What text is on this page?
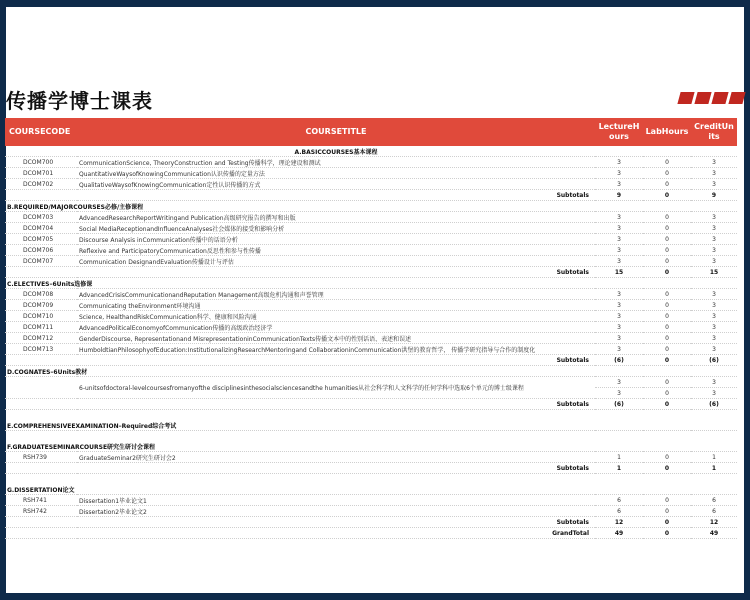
传播学博士课表
COURSECODE	COURSETITLE	LectureH ours	LabHours	CreditUn its
	A.BASICCOURSES基本课程			
DCOM700	CommunicationScience, TheoryConstruction and Testing传播科学，理论建设和测试	3	0	3
DCOM701	QuantitativeWaysofKnowingCommunication认识传播的定量方法	3	0	3
DCOM702	QualitativeWaysofKnowingCommunication定性认识传播的方式	3	0	3
	Subtotals	9	0	9
B.REQUIRED/MAJORCOURSES必修/主修课程				
DCOM703	AdvancedResearchReportWritingand Publication高级研究报告的撰写和出版	3	0	3
DCOM704	Social MediaReceptionandInfluenceAnalyses社会媒体的接受和影响分析	3	0	3
DCOM705	Discourse Analysis inCommunication传播中的话语分析	3	0	3
DCOM706	Reflexive and ParticipatoryCommunication反思性和参与性传播	3	0	3
DCOM707	Communication DesignandEvaluation传播设计与评估	3	0	3
	Subtotals	15	0	15
C.ELECTIVES–6Units选修课				
DCOM708	AdvancedCrisisCommunicationandReputation Management高级危机沟通和声誉管理	3	0	3
DCOM709	Communicating theEnvironment环境沟通	3	0	3
DCOM710	Science, HealthandRiskCommunication科学、健康和风险沟通	3	0	3
DCOM711	AdvancedPoliticalEconomyofCommunication传播的高级政治经济学	3	0	3
DCOM712	GenderDiscourse, Representationand MisrepresentationinCommunicationTexts传播文本中的性别话语、表述和误述	3	0	3
DCOM713	HumboldtianPhilosophyofEducation:InstitutionalizingResearchMentoringand CollaborationinCommunication洪堡的教育哲学， 传播学研究指导与合作的制度化	3	0	3
	Subtotals	(6)	0	(6)
D.COGNATES–6Units教材				
	6-unitsofdoctoral-levelcoursesfromanyofthe disciplinesinthesocialsciencesandthe humanities从社会科学和人文科学的任何学科中选取6个单元的博士级课程	3	0	3
		3	0	3
	Subtotals	(6)	0	(6)

E.COMPREHENSIVEEXAMINATION–Required综合考试				

F.GRADUATESEMINARCOURSE研究生研讨会课程				
RSH739	GraduateSeminar2研究生研讨会2	1	0	1
	Subtotals	1	0	1

G.DISSERTATION论文				
RSH741	Dissertation1毕业论文1	6	0	6
RSH742	Dissertation2毕业论文2	6	0	6
	Subtotals	12	0	12
	GrandTotal	49	0	49
